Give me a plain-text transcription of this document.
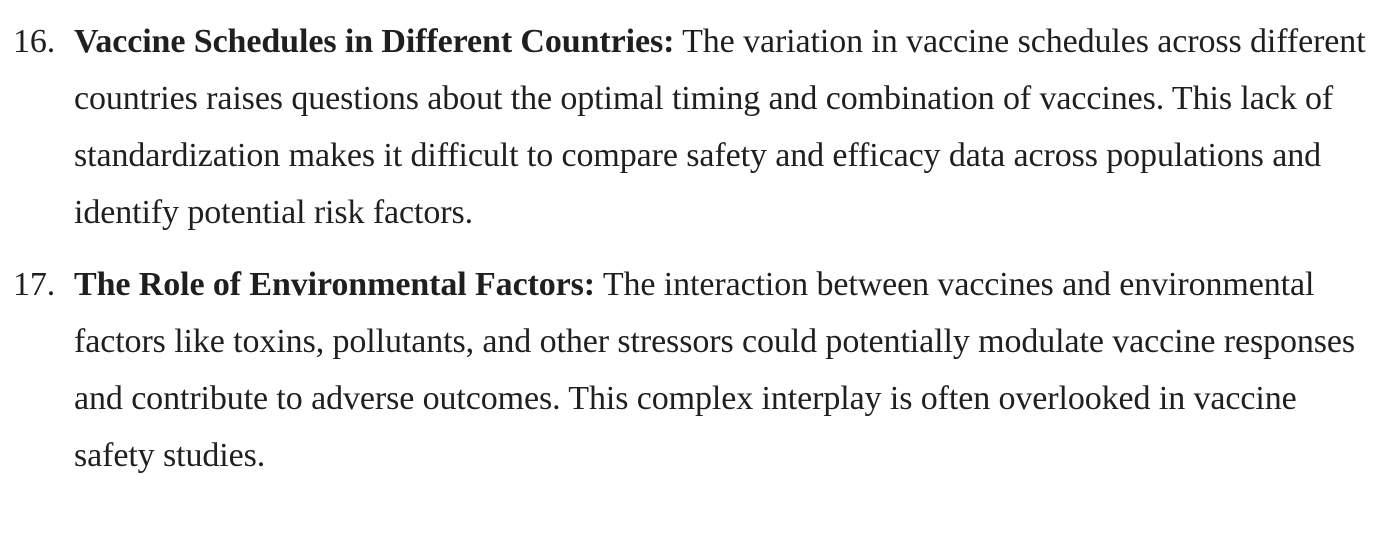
16. Vaccine Schedules in Different Countries: The variation in vaccine schedules across different countries raises questions about the optimal timing and combination of vaccines. This lack of standardization makes it difficult to compare safety and efficacy data across populations and identify potential risk factors.
17. The Role of Environmental Factors: The interaction between vaccines and environmental factors like toxins, pollutants, and other stressors could potentially modulate vaccine responses and contribute to adverse outcomes. This complex interplay is often overlooked in vaccine safety studies.
